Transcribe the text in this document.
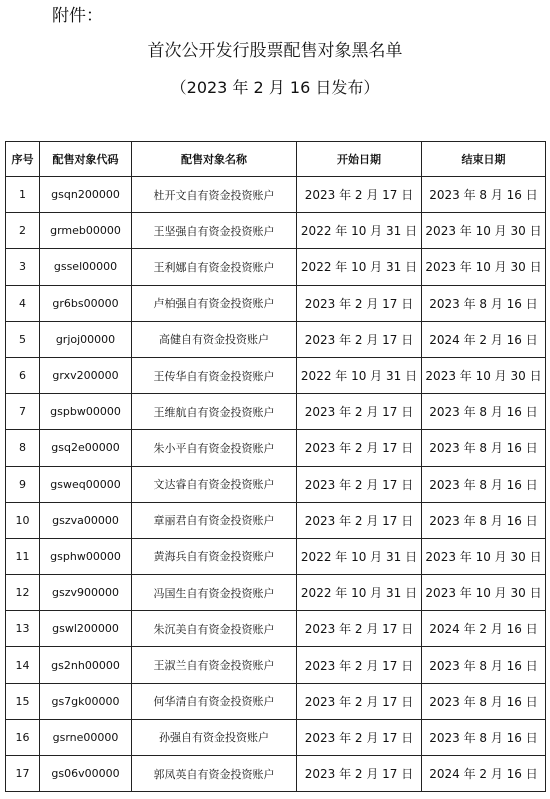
附件：
首次公开发行股票配售对象黑名单
（2023 年 2 月 16 日发布）
序号	配售对象代码	配售对象名称	开始日期	结束日期
1	gsqn200000	杜开文自有资金投资账户	2023 年 2 月 17 日	2023 年 8 月 16 日
2	grmeb00000	王坚强自有资金投资账户	2022 年 10 月 31 日	2023 年 10 月 30 日
3	gssel00000	王利娜自有资金投资账户	2022 年 10 月 31 日	2023 年 10 月 30 日
4	gr6bs00000	卢柏强自有资金投资账户	2023 年 2 月 17 日	2023 年 8 月 16 日
5	grjoj00000	高健自有资金投资账户	2023 年 2 月 17 日	2024 年 2 月 16 日
6	grxv200000	王传华自有资金投资账户	2022 年 10 月 31 日	2023 年 10 月 30 日
7	gspbw00000	王维航自有资金投资账户	2023 年 2 月 17 日	2023 年 8 月 16 日
8	gsq2e00000	朱小平自有资金投资账户	2023 年 2 月 17 日	2023 年 8 月 16 日
9	gsweq00000	文达睿自有资金投资账户	2023 年 2 月 17 日	2023 年 8 月 16 日
10	gszva00000	章丽君自有资金投资账户	2023 年 2 月 17 日	2023 年 8 月 16 日
11	gsphw00000	黄海兵自有资金投资账户	2022 年 10 月 31 日	2023 年 10 月 30 日
12	gszv900000	冯国生自有资金投资账户	2022 年 10 月 31 日	2023 年 10 月 30 日
13	gswl200000	朱沉美自有资金投资账户	2023 年 2 月 17 日	2024 年 2 月 16 日
14	gs2nh00000	王淑兰自有资金投资账户	2023 年 2 月 17 日	2023 年 8 月 16 日
15	gs7gk00000	何华清自有资金投资账户	2023 年 2 月 17 日	2023 年 8 月 16 日
16	gsrne00000	孙强自有资金投资账户	2023 年 2 月 17 日	2023 年 8 月 16 日
17	gs06v00000	郭凤英自有资金投资账户	2023 年 2 月 17 日	2024 年 2 月 16 日
